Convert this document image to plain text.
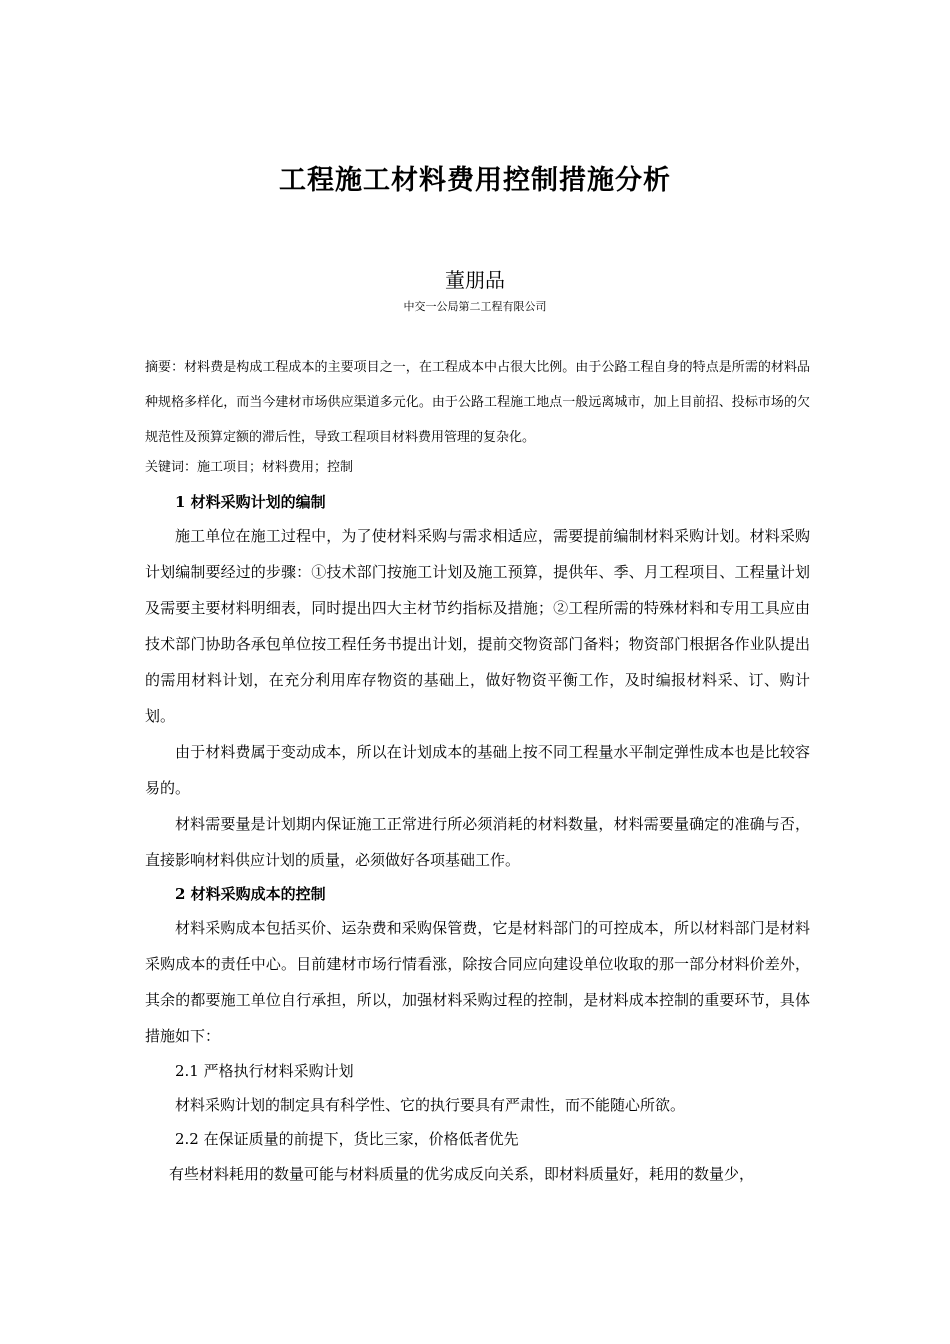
工程施工材料费用控制措施分析
董朋品
中交一公局第二工程有限公司

摘要：材料费是构成工程成本的主要项目之一，在工程成本中占很大比例。由于公路工程自身的特点是所需的材料品种规格多样化，而当今建材市场供应渠道多元化。由于公路工程施工地点一般远离城市，加上目前招、投标市场的欠规范性及预算定额的滞后性，导致工程项目材料费用管理的复杂化。

关键词：施工项目；材料费用；控制

1 材料采购计划的编制

施工单位在施工过程中，为了使材料采购与需求相适应，需要提前编制材料采购计划。材料采购计划编制要经过的步骤：①技术部门按施工计划及施工预算，提供年、季、月工程项目、工程量计划及需要主要材料明细表，同时提出四大主材节约指标及措施；②工程所需的特殊材料和专用工具应由技术部门协助各承包单位按工程任务书提出计划，提前交物资部门备料；物资部门根据各作业队提出的需用材料计划，在充分利用库存物资的基础上，做好物资平衡工作，及时编报材料采、订、购计划。

由于材料费属于变动成本，所以在计划成本的基础上按不同工程量水平制定弹性成本也是比较容易的。

材料需要量是计划期内保证施工正常进行所必须消耗的材料数量，材料需要量确定的准确与否，直接影响材料供应计划的质量，必须做好各项基础工作。

2 材料采购成本的控制

材料采购成本包括买价、运杂费和采购保管费，它是材料部门的可控成本，所以材料部门是材料采购成本的责任中心。目前建材市场行情看涨，除按合同应向建设单位收取的那一部分材料价差外，其余的都要施工单位自行承担，所以，加强材料采购过程的控制，是材料成本控制的重要环节，具体措施如下：

2.1 严格执行材料采购计划

材料采购计划的制定具有科学性、它的执行要具有严肃性，而不能随心所欲。

2.2 在保证质量的前提下，货比三家，价格低者优先

有些材料耗用的数量可能与材料质量的优劣成反向关系，即材料质量好，耗用的数量少，
